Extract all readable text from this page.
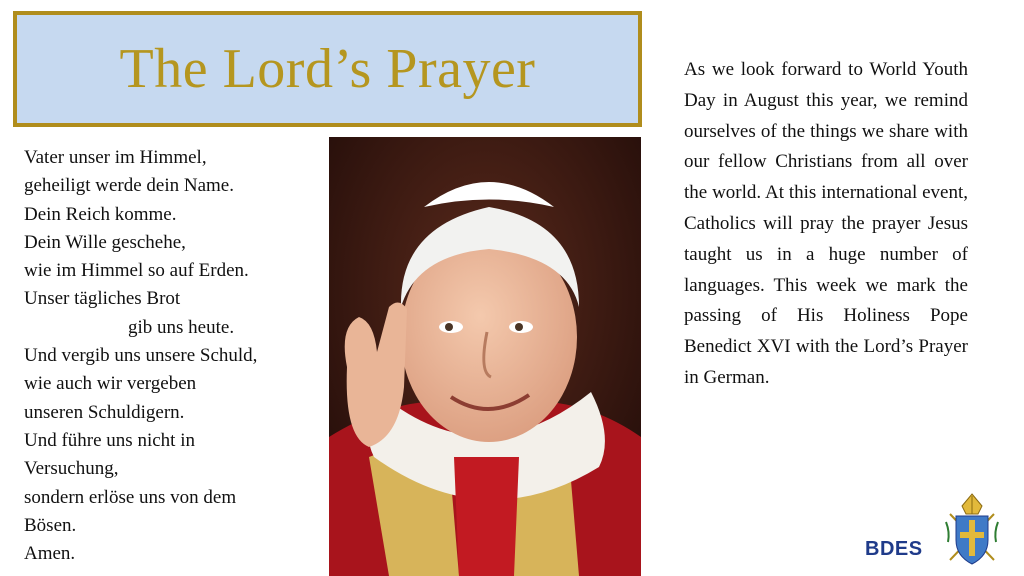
The Lord’s Prayer
Vater unser im Himmel,
geheiligt werde dein Name.
Dein Reich komme.
Dein Wille geschehe,
wie im Himmel so auf Erden.
Unser tägliches Brot
gib uns heute.
Und vergib uns unsere Schuld,
wie auch wir vergeben
unseren Schuldigern.
Und führe uns nicht in
Versuchung,
sondern erlöse uns von dem
Bösen.
Amen.
As we look forward to World Youth Day in August this year, we remind ourselves of the things we share with our fellow Christians from all over the world. At this international event, Catholics will pray the prayer Jesus taught us in a huge number of languages. This week we mark the passing of His Holiness Pope Benedict XVI with the Lord’s Prayer in German.
BDES
